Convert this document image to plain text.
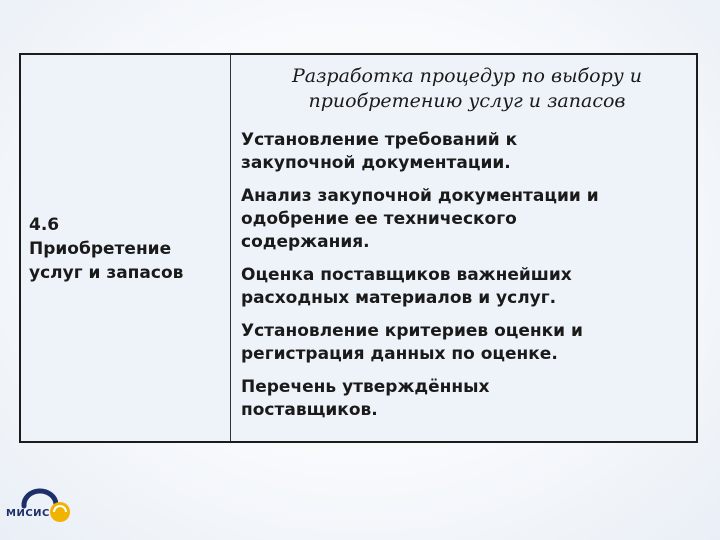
4.6
Приобретение
услуг и запасов
Разработка процедур по выбору и
приобретению услуг и запасов
Установление требований к
закупочной документации.
Анализ закупочной документации и
одобрение ее технического
содержания.
Оценка поставщиков важнейших
расходных материалов и услуг.
Установление критериев оценки и
регистрация данных по оценке.
Перечень утверждённых
поставщиков.
МИСИС
